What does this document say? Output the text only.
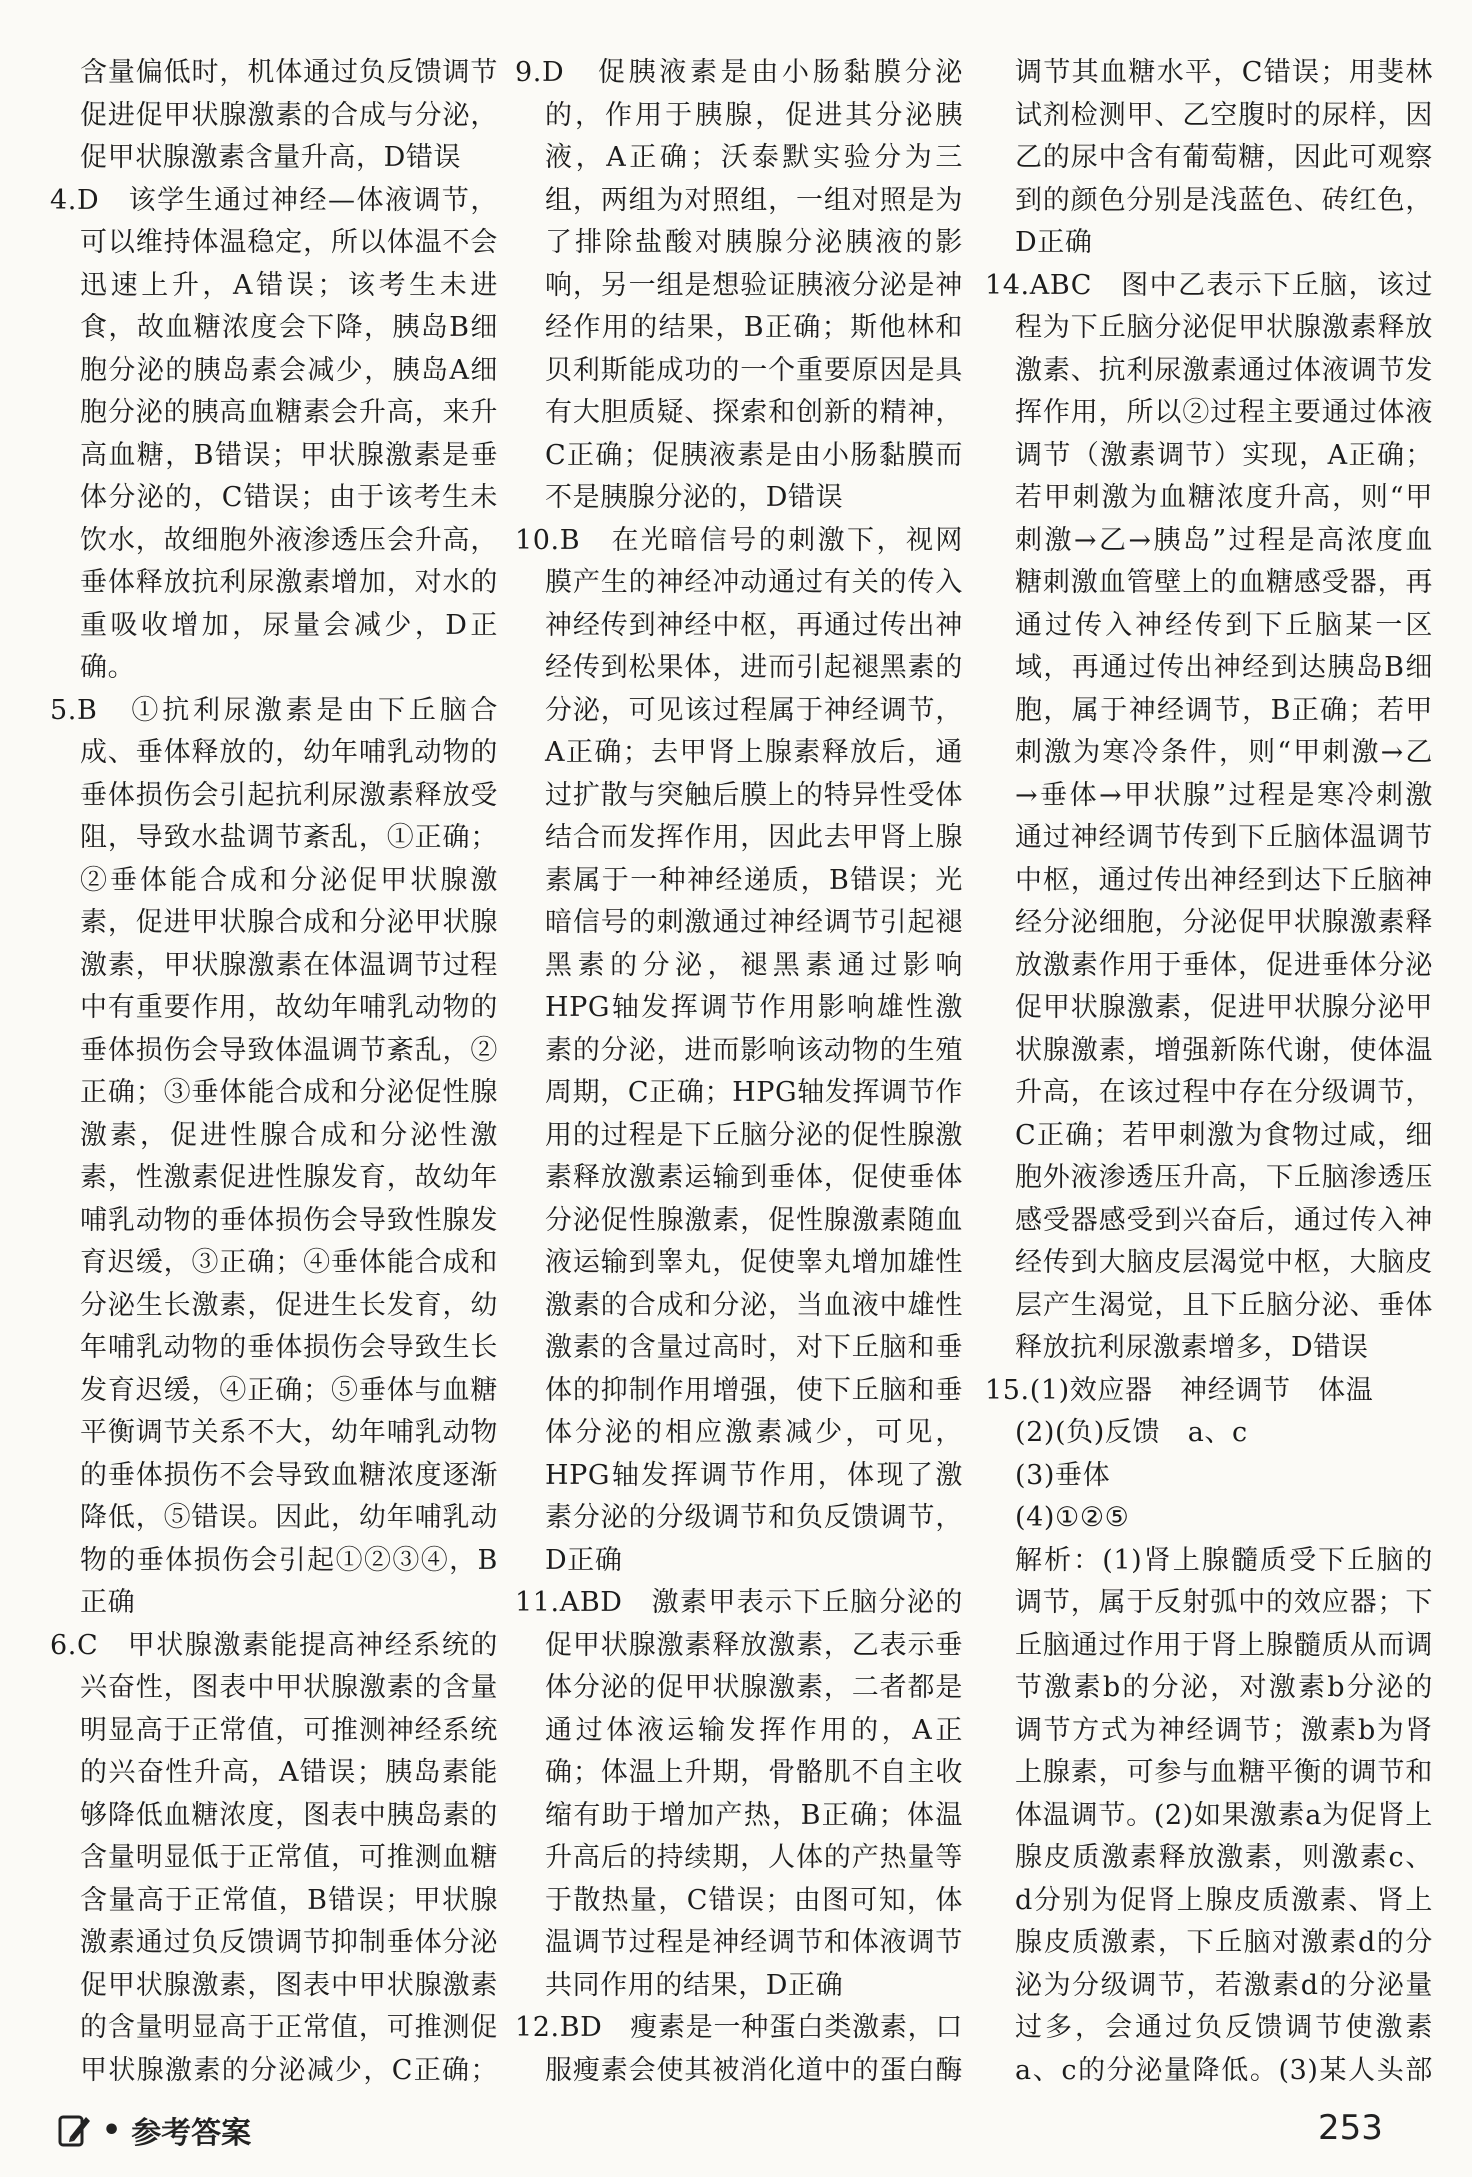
含量偏低时，机体通过负反馈调节促进促甲状腺激素的合成与分泌，促甲状腺激素含量升高，D错误
4.D　该学生通过神经—体液调节，可以维持体温稳定，所以体温不会迅速上升，A错误；该考生未进食，故血糖浓度会下降，胰岛B细胞分泌的胰岛素会减少，胰岛A细胞分泌的胰高血糖素会升高，来升高血糖，B错误；甲状腺激素是垂体分泌的，C错误；由于该考生未饮水，故细胞外液渗透压会升高，垂体释放抗利尿激素增加，对水的重吸收增加，尿量会减少，D正确。
5.B　①抗利尿激素是由下丘脑合成、垂体释放的，幼年哺乳动物的垂体损伤会引起抗利尿激素释放受阻，导致水盐调节紊乱，①正确；②垂体能合成和分泌促甲状腺激素，促进甲状腺合成和分泌甲状腺激素，甲状腺激素在体温调节过程中有重要作用，故幼年哺乳动物的垂体损伤会导致体温调节紊乱，②正确；③垂体能合成和分泌促性腺激素，促进性腺合成和分泌性激素，性激素促进性腺发育，故幼年哺乳动物的垂体损伤会导致性腺发育迟缓，③正确；④垂体能合成和分泌生长激素，促进生长发育，幼年哺乳动物的垂体损伤会导致生长发育迟缓，④正确；⑤垂体与血糖平衡调节关系不大，幼年哺乳动物的垂体损伤不会导致血糖浓度逐渐降低，⑤错误。因此，幼年哺乳动物的垂体损伤会引起①②③④，B正确
6.C　甲状腺激素能提高神经系统的兴奋性，图表中甲状腺激素的含量明显高于正常值，可推测神经系统的兴奋性升高，A错误；胰岛素能够降低血糖浓度，图表中胰岛素的含量明显低于正常值，可推测血糖含量高于正常值，B错误；甲状腺激素通过负反馈调节抑制垂体分泌促甲状腺激素，图表中甲状腺激素的含量明显高于正常值，可推测促甲状腺激素的分泌减少，C正确；
9.D　促胰液素是由小肠黏膜分泌的，作用于胰腺，促进其分泌胰液，A正确；沃泰默实验分为三组，两组为对照组，一组对照是为了排除盐酸对胰腺分泌胰液的影响，另一组是想验证胰液分泌是神经作用的结果，B正确；斯他林和贝利斯能成功的一个重要原因是具有大胆质疑、探索和创新的精神，C正确；促胰液素是由小肠黏膜而不是胰腺分泌的，D错误
10.B　在光暗信号的刺激下，视网膜产生的神经冲动通过有关的传入神经传到神经中枢，再通过传出神经传到松果体，进而引起褪黑素的分泌，可见该过程属于神经调节，A正确；去甲肾上腺素释放后，通过扩散与突触后膜上的特异性受体结合而发挥作用，因此去甲肾上腺素属于一种神经递质，B错误；光暗信号的刺激通过神经调节引起褪黑素的分泌，褪黑素通过影响HPG轴发挥调节作用影响雄性激素的分泌，进而影响该动物的生殖周期，C正确；HPG轴发挥调节作用的过程是下丘脑分泌的促性腺激素释放激素运输到垂体，促使垂体分泌促性腺激素，促性腺激素随血液运输到睾丸，促使睾丸增加雄性激素的合成和分泌，当血液中雄性激素的含量过高时，对下丘脑和垂体的抑制作用增强，使下丘脑和垂体分泌的相应激素减少，可见，HPG轴发挥调节作用，体现了激素分泌的分级调节和负反馈调节，D正确
11.ABD　激素甲表示下丘脑分泌的促甲状腺激素释放激素，乙表示垂体分泌的促甲状腺激素，二者都是通过体液运输发挥作用的，A正确；体温上升期，骨骼肌不自主收缩有助于增加产热，B正确；体温升高后的持续期，人体的产热量等于散热量，C错误；由图可知，体温调节过程是神经调节和体液调节共同作用的结果，D正确
12.BD　瘦素是一种蛋白类激素，口服瘦素会使其被消化道中的蛋白酶
调节其血糖水平，C错误；用斐林试剂检测甲、乙空腹时的尿样，因乙的尿中含有葡萄糖，因此可观察到的颜色分别是浅蓝色、砖红色，D正确
14.ABC　图中乙表示下丘脑，该过程为下丘脑分泌促甲状腺激素释放激素、抗利尿激素通过体液调节发挥作用，所以②过程主要通过体液调节（激素调节）实现，A正确；若甲刺激为血糖浓度升高，则“甲刺激→乙→胰岛”过程是高浓度血糖刺激血管壁上的血糖感受器，再通过传入神经传到下丘脑某一区域，再通过传出神经到达胰岛B细胞，属于神经调节，B正确；若甲刺激为寒冷条件，则“甲刺激→乙→垂体→甲状腺”过程是寒冷刺激通过神经调节传到下丘脑体温调节中枢，通过传出神经到达下丘脑神经分泌细胞，分泌促甲状腺激素释放激素作用于垂体，促进垂体分泌促甲状腺激素，促进甲状腺分泌甲状腺激素，增强新陈代谢，使体温升高，在该过程中存在分级调节，C正确；若甲刺激为食物过咸，细胞外液渗透压升高，下丘脑渗透压感受器感受到兴奋后，通过传入神经传到大脑皮层渴觉中枢，大脑皮层产生渴觉，且下丘脑分泌、垂体释放抗利尿激素增多，D错误
15.(1)效应器　神经调节　体温
(2)(负)反馈　a、c
(3)垂体
(4)①②⑤
解析：(1)肾上腺髓质受下丘脑的调节，属于反射弧中的效应器；下丘脑通过作用于肾上腺髓质从而调节激素b的分泌，对激素b分泌的调节方式为神经调节；激素b为肾上腺素，可参与血糖平衡的调节和体温调节。(2)如果激素a为促肾上腺皮质激素释放激素，则激素c、d分别为促肾上腺皮质激素、肾上腺皮质激素，下丘脑对激素d的分泌为分级调节，若激素d的分泌量过多，会通过负反馈调节使激素a、c的分泌量降低。(3)某人头部
• 参考答案	253
